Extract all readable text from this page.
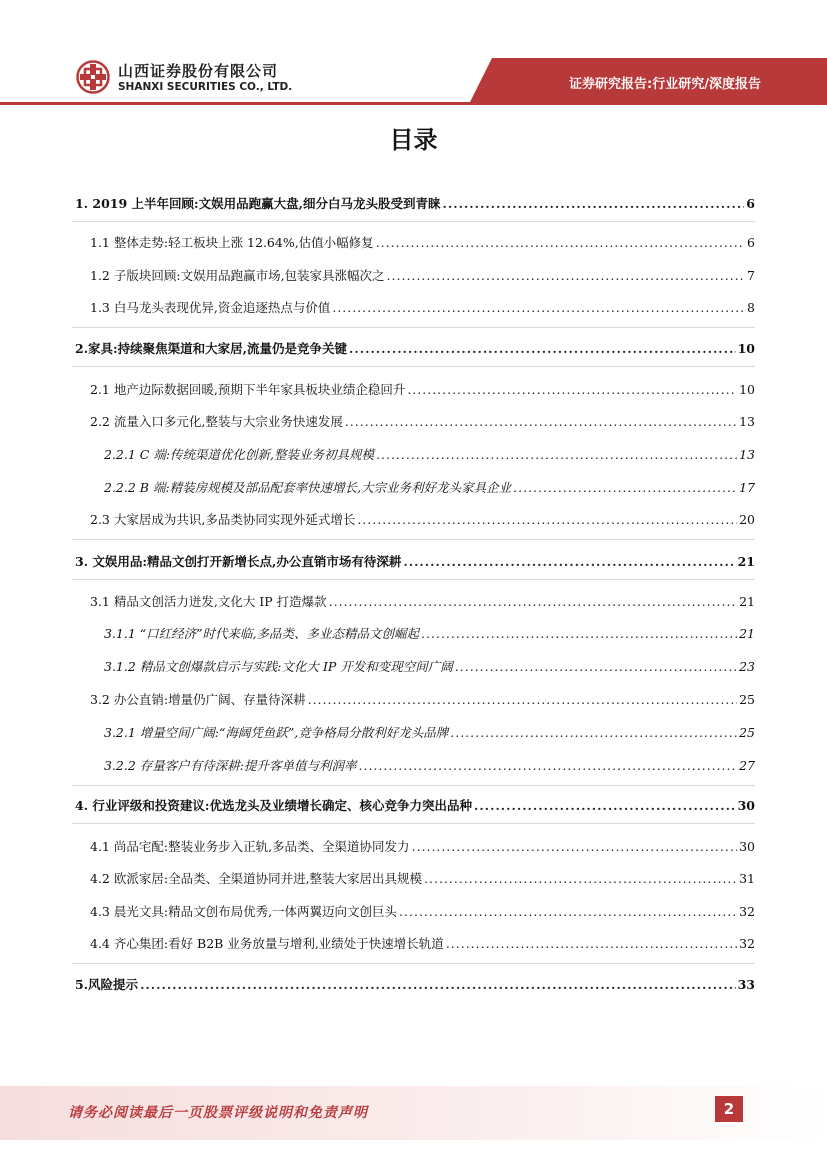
山西证券股份有限公司
SHANXI SECURITIES CO., LTD.	证券研究报告:行业研究/深度报告
目录
1. 2019 上半年回顾:文娱用品跑赢大盘,细分白马龙头股受到青睐 .....	6
1.1 整体走势:轻工板块上涨 12.64%,估值小幅修复 .....	6
1.2 子版块回顾:文娱用品跑赢市场,包装家具涨幅次之 .....	7
1.3 白马龙头表现优异,资金追逐热点与价值 .....	8
2.家具:持续聚焦渠道和大家居,流量仍是竞争关键 .....	10
2.1 地产边际数据回暖,预期下半年家具板块业绩企稳回升 .....	10
2.2 流量入口多元化,整装与大宗业务快速发展 .....	13
2.2.1 C 端:传统渠道优化创新,整装业务初具规模 .....	13
2.2.2 B 端:精装房规模及部品配套率快速增长,大宗业务利好龙头家具企业 .....	17
2.3 大家居成为共识,多品类协同实现外延式增长 .....	20
3. 文娱用品:精品文创打开新增长点,办公直销市场有待深耕 .....	21
3.1 精品文创活力迸发,文化大 IP 打造爆款 .....	21
3.1.1 “口红经济”时代来临,多品类、多业态精品文创崛起 .....	21
3.1.2 精品文创爆款启示与实践:文化大 IP 开发和变现空间广阔 .....	23
3.2 办公直销:增量仍广阔、存量待深耕 .....	25
3.2.1 增量空间广阔:“海阔凭鱼跃”,竞争格局分散利好龙头品牌 .....	25
3.2.2 存量客户有待深耕:提升客单值与利润率 .....	27
4. 行业评级和投资建议:优选龙头及业绩增长确定、核心竞争力突出品种 .....	30
4.1 尚品宅配:整装业务步入正轨,多品类、全渠道协同发力 .....	30
4.2 欧派家居:全品类、全渠道协同并进,整装大家居出具规模 .....	31
4.3 晨光文具:精品文创布局优秀,一体两翼迈向文创巨头 .....	32
4.4 齐心集团:看好 B2B 业务放量与增利,业绩处于快速增长轨道 .....	32
5.风险提示 .....	33
请务必阅读最后一页股票评级说明和免责声明	2
